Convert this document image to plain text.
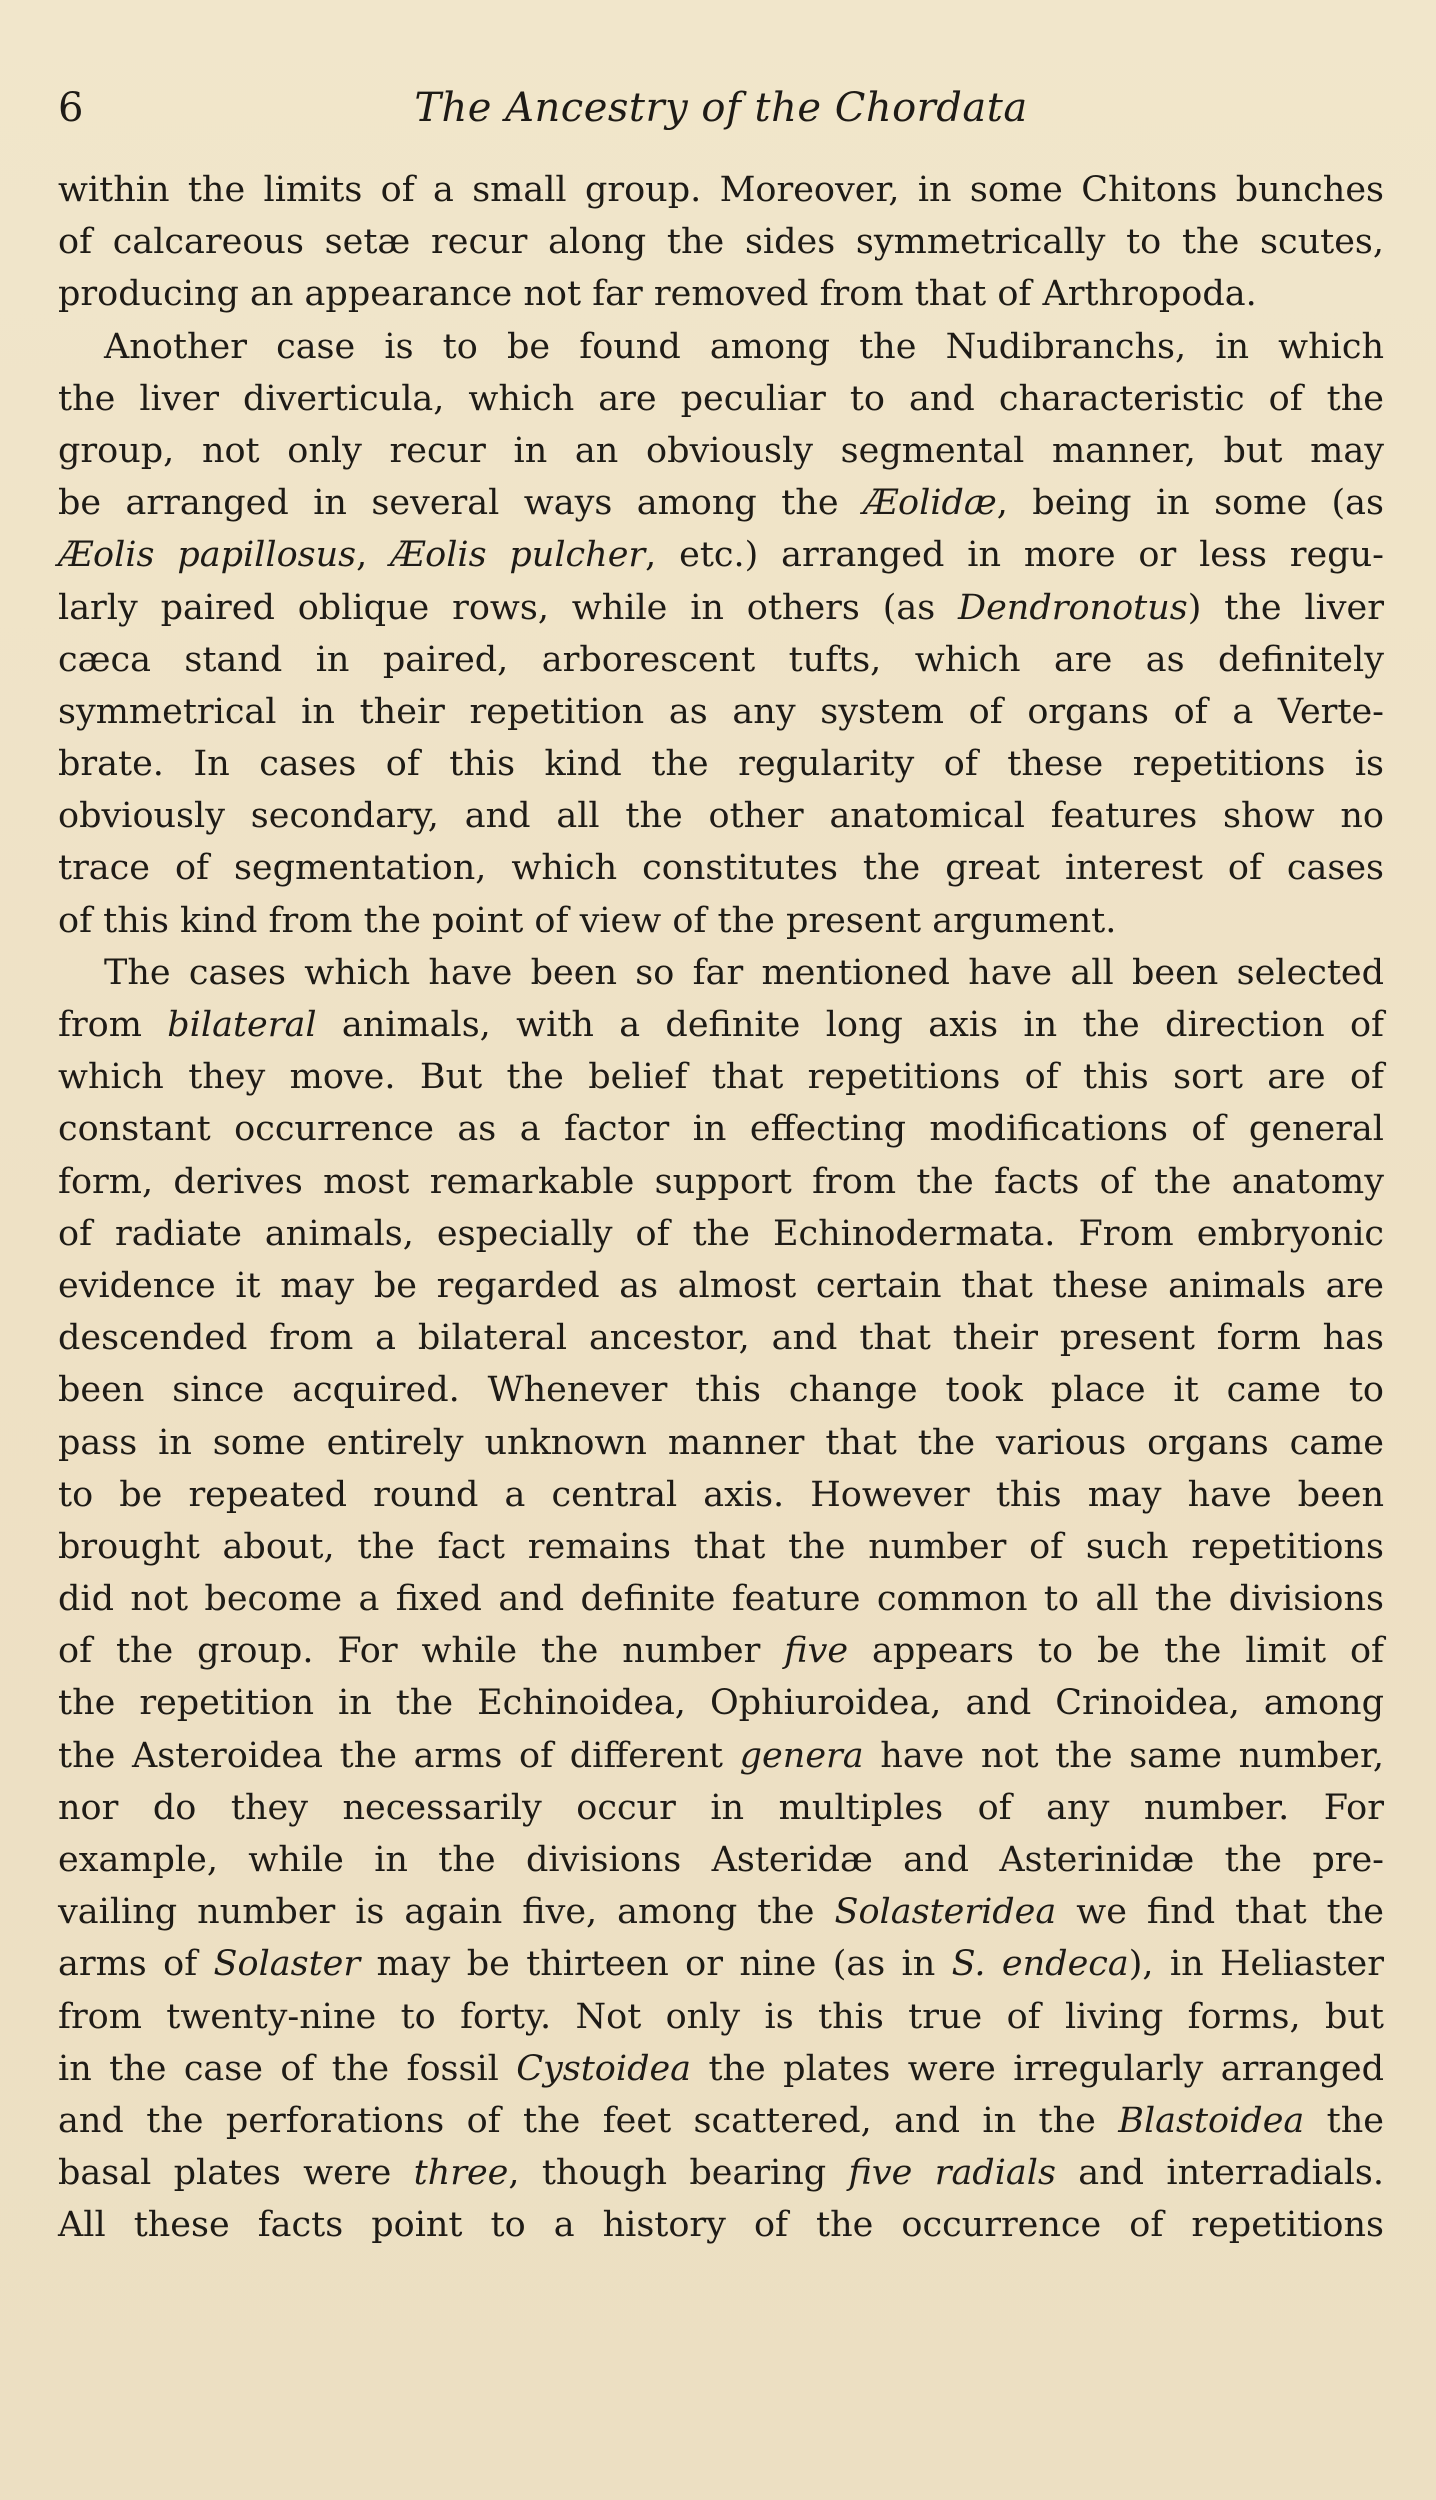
6	The Ancestry of the Chordata
within the limits of a small group. Moreover, in some Chitons bunches
of calcareous setæ recur along the sides symmetrically to the scutes,
producing an appearance not far removed from that of Arthropoda.
Another case is to be found among the Nudibranchs, in which
the liver diverticula, which are peculiar to and characteristic of the
group, not only recur in an obviously segmental manner, but may
be arranged in several ways among the Æolidæ, being in some (as
Æolis papillosus, Æolis pulcher, etc.) arranged in more or less regu-
larly paired oblique rows, while in others (as Dendronotus) the liver
cæca stand in paired, arborescent tufts, which are as definitely
symmetrical in their repetition as any system of organs of a Verte-
brate. In cases of this kind the regularity of these repetitions is
obviously secondary, and all the other anatomical features show no
trace of segmentation, which constitutes the great interest of cases
of this kind from the point of view of the present argument.
The cases which have been so far mentioned have all been selected
from bilateral animals, with a definite long axis in the direction of
which they move. But the belief that repetitions of this sort are of
constant occurrence as a factor in effecting modifications of general
form, derives most remarkable support from the facts of the anatomy
of radiate animals, especially of the Echinodermata. From embryonic
evidence it may be regarded as almost certain that these animals are
descended from a bilateral ancestor, and that their present form has
been since acquired. Whenever this change took place it came to
pass in some entirely unknown manner that the various organs came
to be repeated round a central axis. However this may have been
brought about, the fact remains that the number of such repetitions
did not become a fixed and definite feature common to all the divisions
of the group. For while the number five appears to be the limit of
the repetition in the Echinoidea, Ophiuroidea, and Crinoidea, among
the Asteroidea the arms of different genera have not the same number,
nor do they necessarily occur in multiples of any number. For
example, while in the divisions Asteridæ and Asterinidæ the pre-
vailing number is again five, among the Solasteridea we find that the
arms of Solaster may be thirteen or nine (as in S. endeca), in Heliaster
from twenty-nine to forty. Not only is this true of living forms, but
in the case of the fossil Cystoidea the plates were irregularly arranged
and the perforations of the feet scattered, and in the Blastoidea the
basal plates were three, though bearing five radials and interradials.
All these facts point to a history of the occurrence of repetitions
